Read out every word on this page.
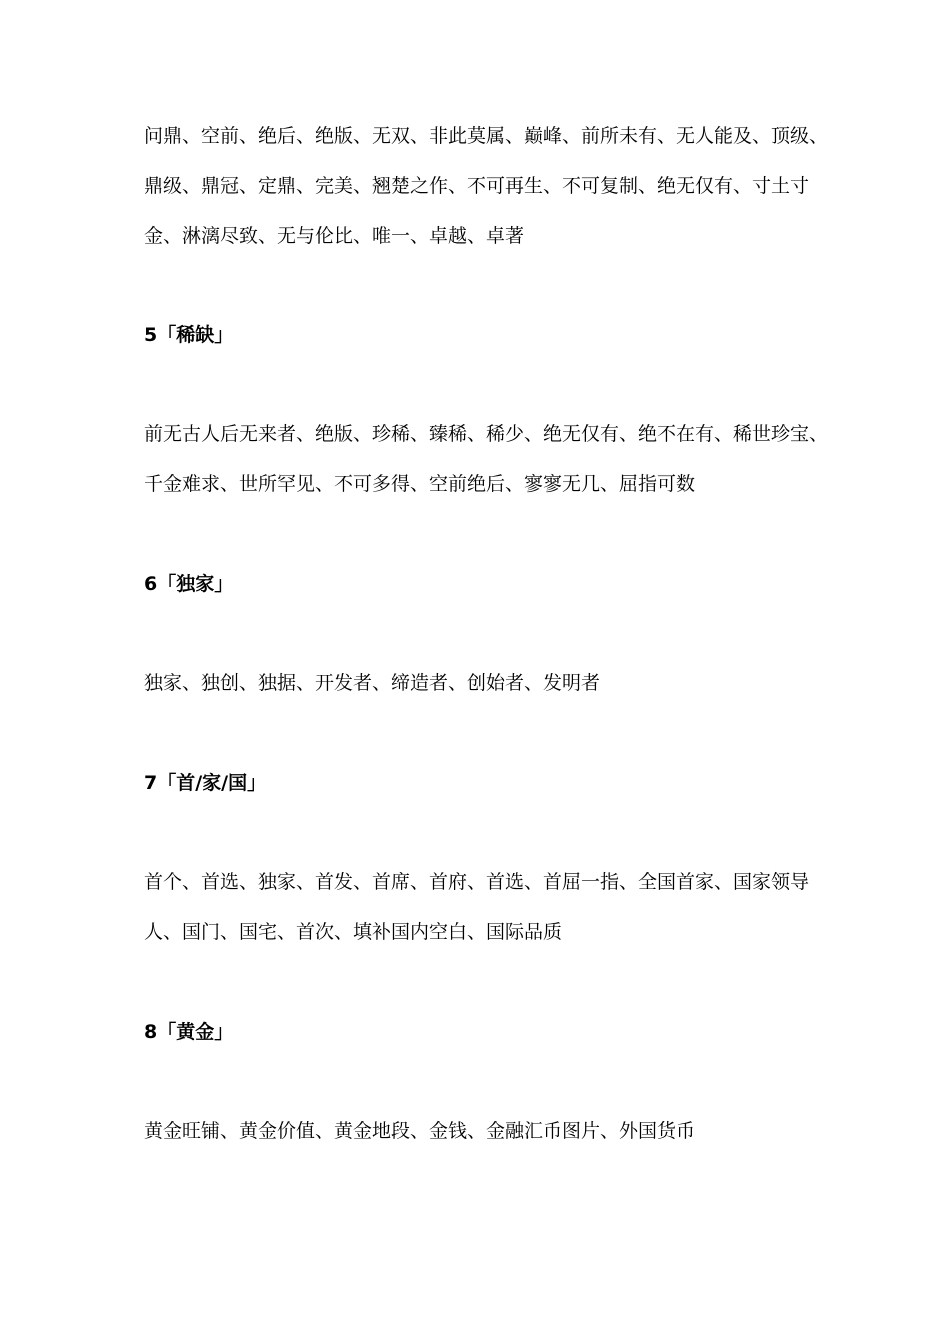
问鼎、空前、绝后、绝版、无双、非此莫属、巅峰、前所未有、无人能及、顶级、
鼎级、鼎冠、定鼎、完美、翘楚之作、不可再生、不可复制、绝无仅有、寸土寸
金、淋漓尽致、无与伦比、唯一、卓越、卓著
5「稀缺」
前无古人后无来者、绝版、珍稀、臻稀、稀少、绝无仅有、绝不在有、稀世珍宝、
千金难求、世所罕见、不可多得、空前绝后、寥寥无几、屈指可数
6「独家」
独家、独创、独据、开发者、缔造者、创始者、发明者
7「首/家/国」
首个、首选、独家、首发、首席、首府、首选、首屈一指、全国首家、国家领导
人、国门、国宅、首次、填补国内空白、国际品质
8「黄金」
黄金旺铺、黄金价值、黄金地段、金钱、金融汇币图片、外国货币
